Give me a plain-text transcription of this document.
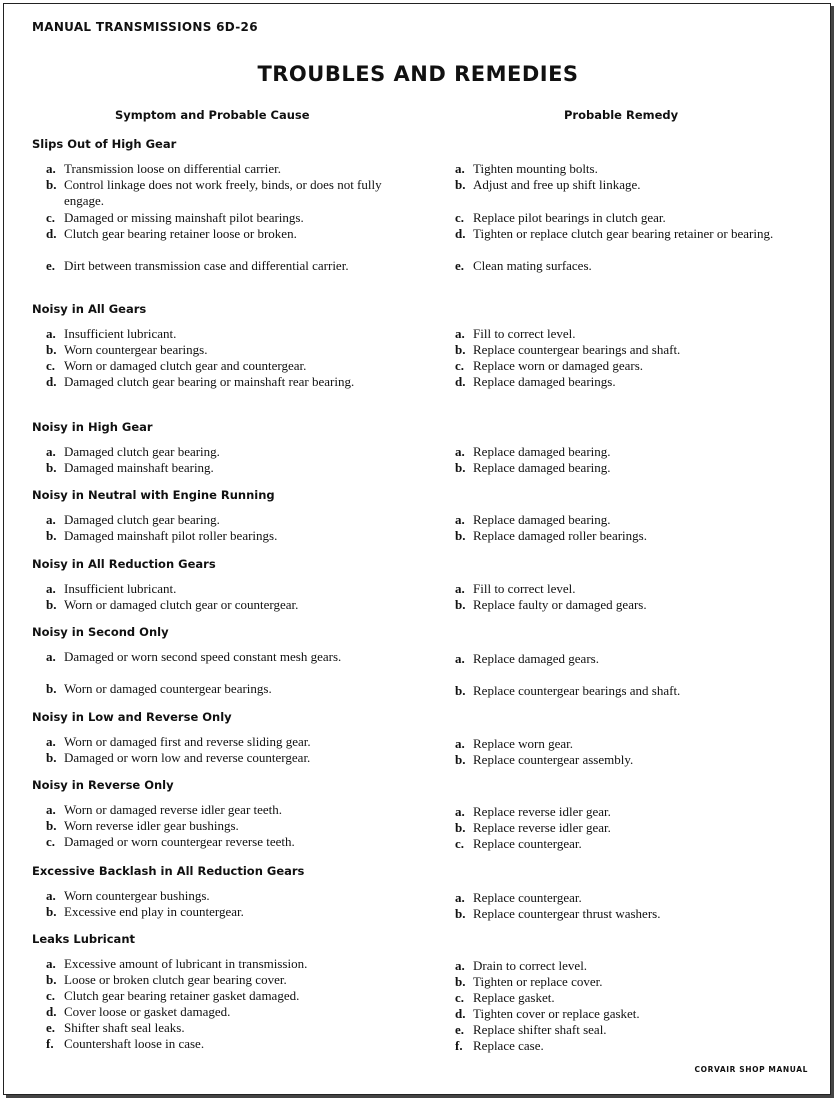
MANUAL TRANSMISSIONS 6D-26
TROUBLES AND REMEDIES
Symptom and Probable Cause	Probable Remedy
Slips Out of High Gear
a. Transmission loose on differential carrier.
b. Control linkage does not work freely, binds, or does not fully engage.
c. Damaged or missing mainshaft pilot bearings.
d. Clutch gear bearing retainer loose or broken.
e. Dirt between transmission case and differential carrier.
a. Tighten mounting bolts.
b. Adjust and free up shift linkage.
c. Replace pilot bearings in clutch gear.
d. Tighten or replace clutch gear bearing retainer or bearing.
e. Clean mating surfaces.
Noisy in All Gears
a. Insufficient lubricant.
b. Worn countergear bearings.
c. Worn or damaged clutch gear and countergear.
d. Damaged clutch gear bearing or mainshaft rear bearing.
a. Fill to correct level.
b. Replace countergear bearings and shaft.
c. Replace worn or damaged gears.
d. Replace damaged bearings.
Noisy in High Gear
a. Damaged clutch gear bearing.
b. Damaged mainshaft bearing.
a. Replace damaged bearing.
b. Replace damaged bearing.
Noisy in Neutral with Engine Running
a. Damaged clutch gear bearing.
b. Damaged mainshaft pilot roller bearings.
a. Replace damaged bearing.
b. Replace damaged roller bearings.
Noisy in All Reduction Gears
a. Insufficient lubricant.
b. Worn or damaged clutch gear or countergear.
a. Fill to correct level.
b. Replace faulty or damaged gears.
Noisy in Second Only
a. Damaged or worn second speed constant mesh gears.
b. Worn or damaged countergear bearings.
a. Replace damaged gears.
b. Replace countergear bearings and shaft.
Noisy in Low and Reverse Only
a. Worn or damaged first and reverse sliding gear.
b. Damaged or worn low and reverse countergear.
a. Replace worn gear.
b. Replace countergear assembly.
Noisy in Reverse Only
a. Worn or damaged reverse idler gear teeth.
b. Worn reverse idler gear bushings.
c. Damaged or worn countergear reverse teeth.
a. Replace reverse idler gear.
b. Replace reverse idler gear.
c. Replace countergear.
Excessive Backlash in All Reduction Gears
a. Worn countergear bushings.
b. Excessive end play in countergear.
a. Replace countergear.
b. Replace countergear thrust washers.
Leaks Lubricant
a. Excessive amount of lubricant in transmission.
b. Loose or broken clutch gear bearing cover.
c. Clutch gear bearing retainer gasket damaged.
d. Cover loose or gasket damaged.
e. Shifter shaft seal leaks.
f. Countershaft loose in case.
a. Drain to correct level.
b. Tighten or replace cover.
c. Replace gasket.
d. Tighten cover or replace gasket.
e. Replace shifter shaft seal.
f. Replace case.
CORVAIR SHOP MANUAL
